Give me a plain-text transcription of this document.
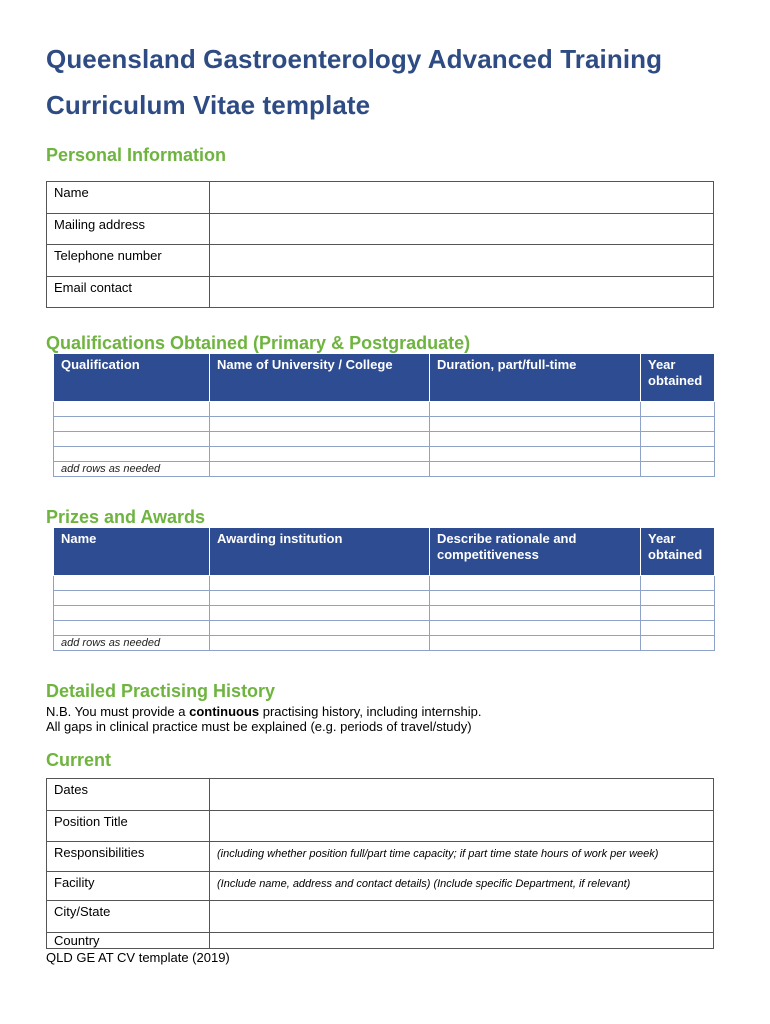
Queensland Gastroenterology Advanced Training
Curriculum Vitae template
Personal Information
Name	
Mailing address	
Telephone number	
Email contact	
Qualifications Obtained (Primary & Postgraduate)
Qualification	Name of University / College	Duration, part/full-time	Year obtained

add rows as needed			
Prizes and Awards
Name	Awarding institution	Describe rationale and competitiveness	Year obtained

add rows as needed			
Detailed Practising History

N.B. You must provide a continuous practising history, including internship.

All gaps in clinical practice must be explained (e.g. periods of travel/study)

Current
Dates	
Position Title	
Responsibilities	(including whether position full/part time capacity; if part time state hours of work per week)
Facility	(Include name, address and contact details) (Include specific Department, if relevant)
City/State	
Country	

QLD GE AT CV template (2019)
